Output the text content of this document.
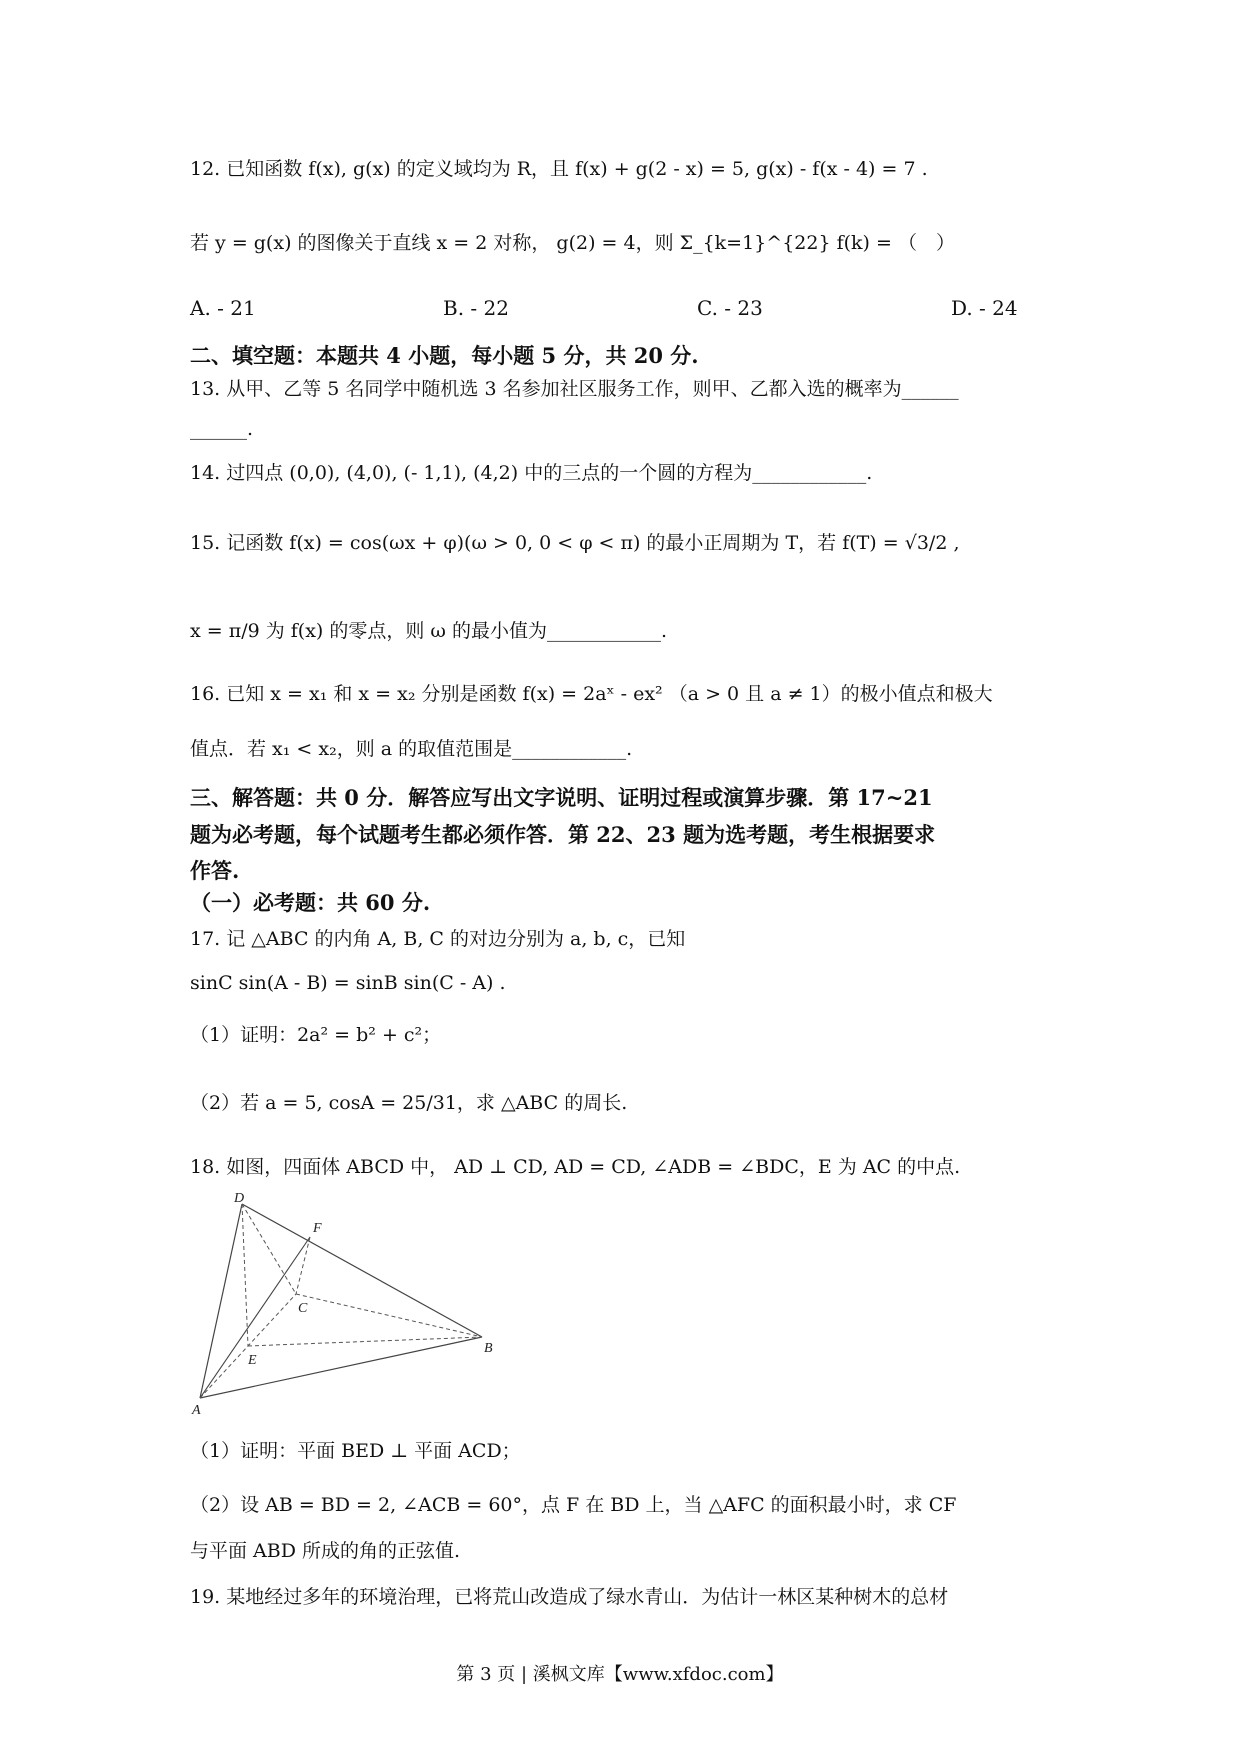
12. 已知函数 f(x), g(x) 的定义域均为 R，且 f(x) + g(2 - x) = 5, g(x) - f(x - 4) = 7 .
若 y = g(x) 的图像关于直线 x = 2 对称， g(2) = 4，则 Σ_{k=1}^{22} f(k) = （　）
A. - 21	B. - 22	C. - 23	D. - 24
二、填空题：本题共 4 小题，每小题 5 分，共 20 分.
13. 从甲、乙等 5 名同学中随机选 3 名参加社区服务工作，则甲、乙都入选的概率为______
______.
14. 过四点 (0,0), (4,0), (- 1,1), (4,2) 中的三点的一个圆的方程为____________.
15. 记函数 f(x) = cos(ωx + φ)(ω > 0, 0 < φ < π) 的最小正周期为 T，若 f(T) = √3/2 ,
x = π/9 为 f(x) 的零点，则 ω 的最小值为____________.
16. 已知 x = x₁ 和 x = x₂ 分别是函数 f(x) = 2aˣ - ex² （a > 0 且 a ≠ 1）的极小值点和极大
值点．若 x₁ < x₂，则 a 的取值范围是____________.
三、解答题：共 0 分．解答应写出文字说明、证明过程或演算步骤．第 17~21
题为必考题，每个试题考生都必须作答．第 22、23 题为选考题，考生根据要求
作答.
（一）必考题：共 60 分.
17. 记 △ABC 的内角 A, B, C 的对边分别为 a, b, c，已知
sinC sin(A - B) = sinB sin(C - A) .
（1）证明：2a² = b² + c²；
（2）若 a = 5, cosA = 25/31，求 △ABC 的周长.
18. 如图，四面体 ABCD 中， AD ⊥ CD, AD = CD, ∠ADB = ∠BDC，E 为 AC 的中点.
D
F
C
E
B
A
（1）证明：平面 BED ⊥ 平面 ACD；
（2）设 AB = BD = 2, ∠ACB = 60°，点 F 在 BD 上，当 △AFC 的面积最小时，求 CF
与平面 ABD 所成的角的正弦值.
19. 某地经过多年的环境治理，已将荒山改造成了绿水青山．为估计一林区某种树木的总材
第 3 页 | 溪枫文库【www.xfdoc.com】
